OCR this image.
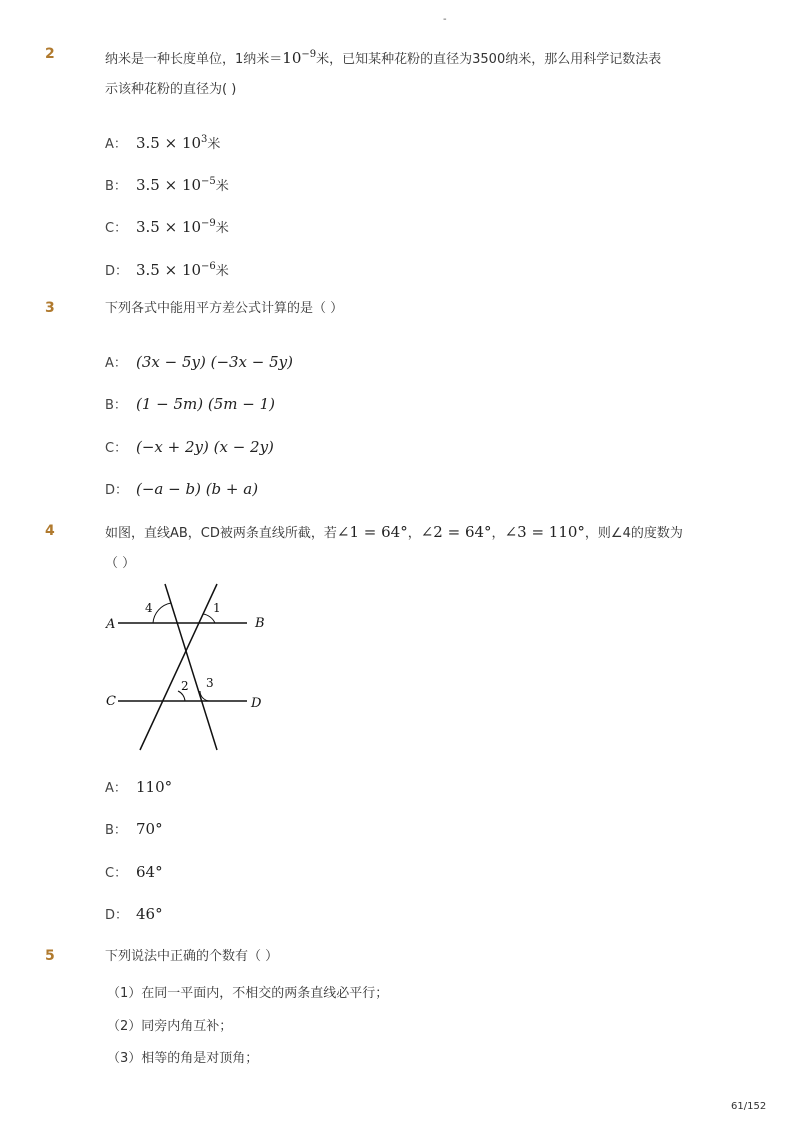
-
2	纳米是一种长度单位，1纳米$=10^{-9}$米，已知某种花粉的直径为3500纳米，那么用科学记数法表
示该种花粉的直径为( )
A： $3.5 \times 10^3$米
B： $3.5 \times 10^{-5}$米
C： $3.5 \times 10^{-9}$米
D： $3.5 \times 10^{-6}$米
3	下列各式中能用平方差公式计算的是（ ）
A： (3x − 5y) (−3x − 5y)
B： (1 − 5m) (5m − 1)
C： (−x + 2y) (x − 2y)
D： (−a − b) (b + a)
4	如图，直线AB，CD被两条直线所截，若∠1 = 64°，∠2 = 64°，∠3 = 110°，则∠4的度数为
（ ）
A	B
C	D
4	1
2 3
A： 110°
B： 70°
C： 64°
D： 46°
5	下列说法中正确的个数有（ ）
（1）在同一平面内，不相交的两条直线必平行；
（2）同旁内角互补；
（3）相等的角是对顶角；
61/152
